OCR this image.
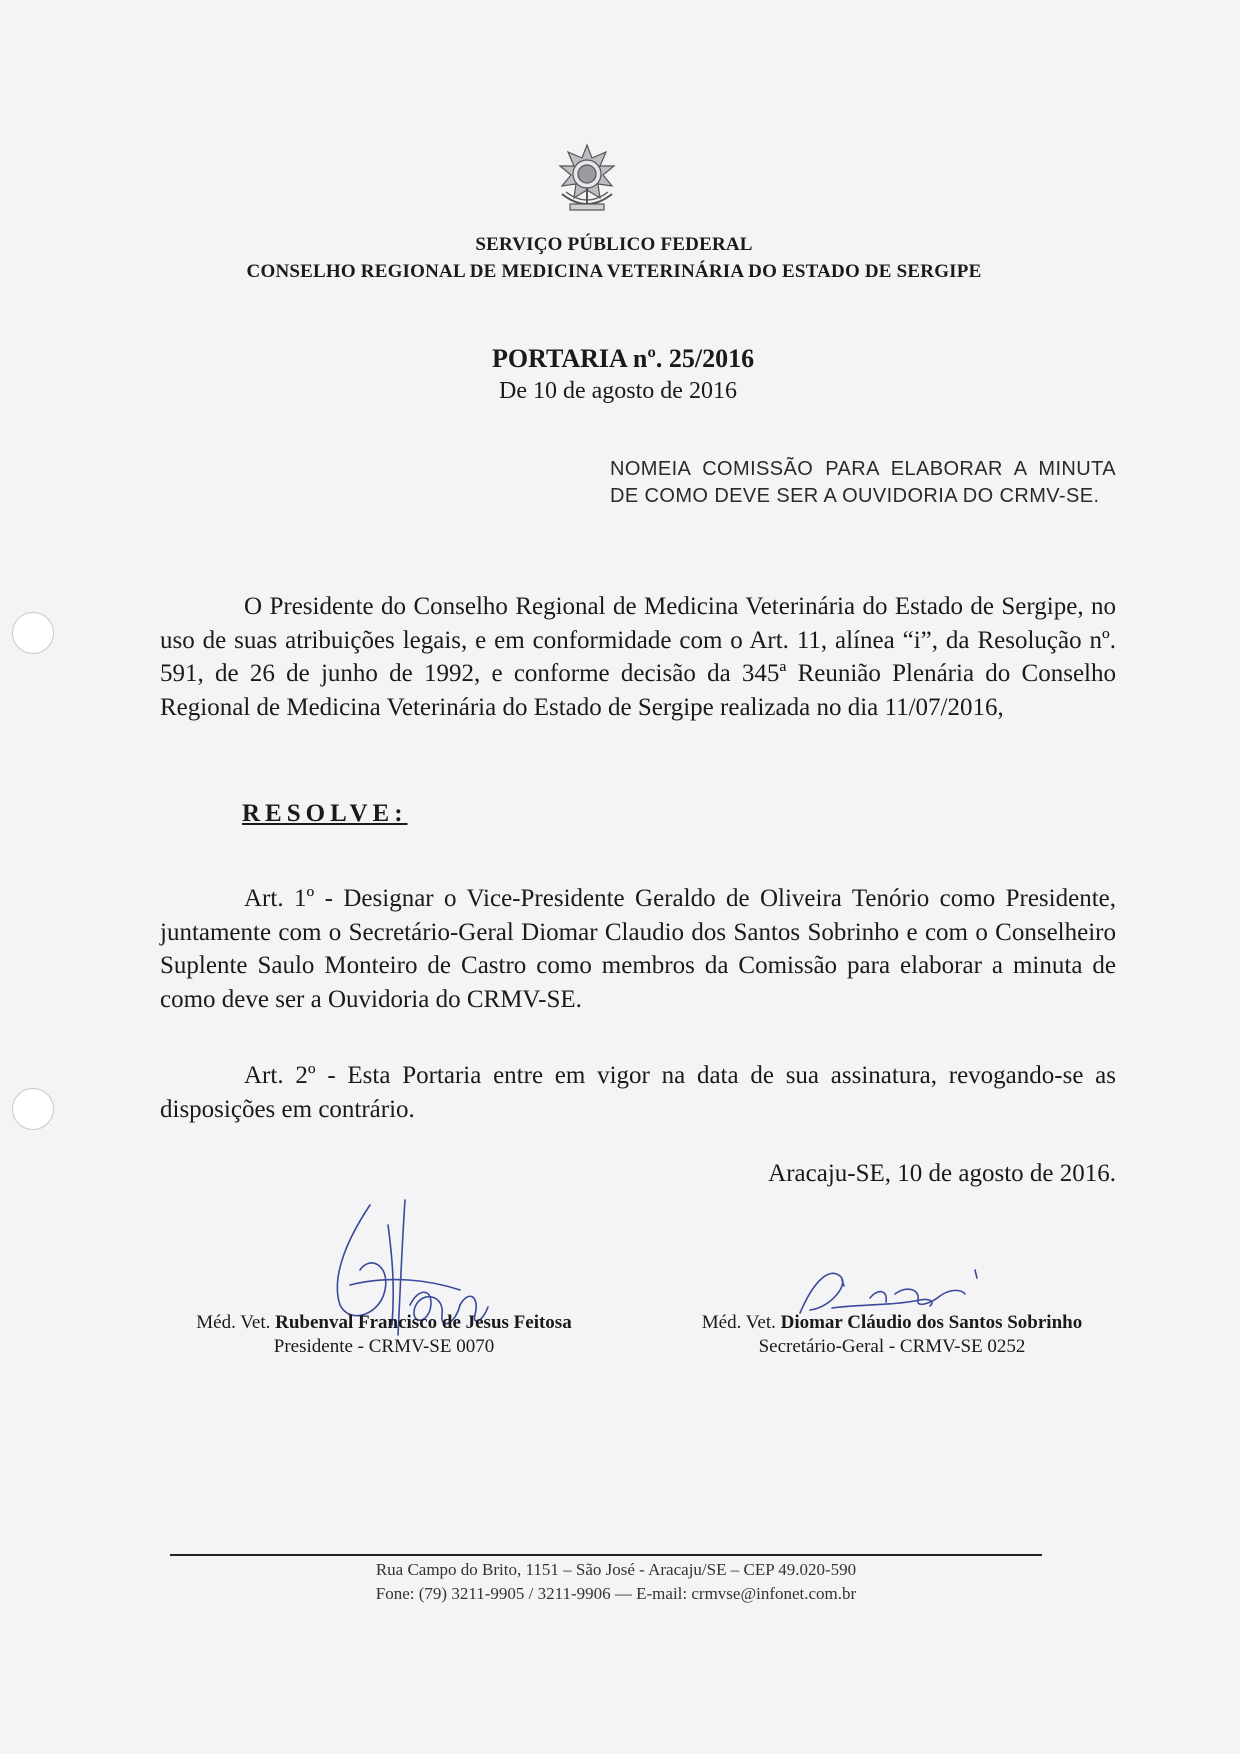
SERVIÇO PÚBLICO FEDERAL
CONSELHO REGIONAL DE MEDICINA VETERINÁRIA DO ESTADO DE SERGIPE
PORTARIA nº. 25/2016
De 10 de agosto de 2016
NOMEIA COMISSÃO PARA ELABORAR A MINUTA DE COMO DEVE SER A OUVIDORIA DO CRMV-SE.
O Presidente do Conselho Regional de Medicina Veterinária do Estado de Sergipe, no uso de suas atribuições legais, e em conformidade com o Art. 11, alínea “i”, da Resolução nº. 591, de 26 de junho de 1992, e conforme decisão da 345ª Reunião Plenária do Conselho Regional de Medicina Veterinária do Estado de Sergipe realizada no dia 11/07/2016,
RESOLVE:
Art. 1º - Designar o Vice-Presidente Geraldo de Oliveira Tenório como Presidente, juntamente com o Secretário-Geral Diomar Claudio dos Santos Sobrinho e com o Conselheiro Suplente Saulo Monteiro de Castro como membros da Comissão para elaborar a minuta de como deve ser a Ouvidoria do CRMV-SE.
Art. 2º - Esta Portaria entre em vigor na data de sua assinatura, revogando-se as disposições em contrário.
Aracaju-SE, 10 de agosto de 2016.
Méd. Vet. Rubenval Francisco de Jesus Feitosa
Presidente - CRMV-SE 0070
Méd. Vet. Diomar Cláudio dos Santos Sobrinho
Secretário-Geral - CRMV-SE 0252
Rua Campo do Brito, 1151 – São José - Aracaju/SE – CEP 49.020-590
Fone: (79) 3211-9905 / 3211-9906 — E-mail: crmvse@infonet.com.br
